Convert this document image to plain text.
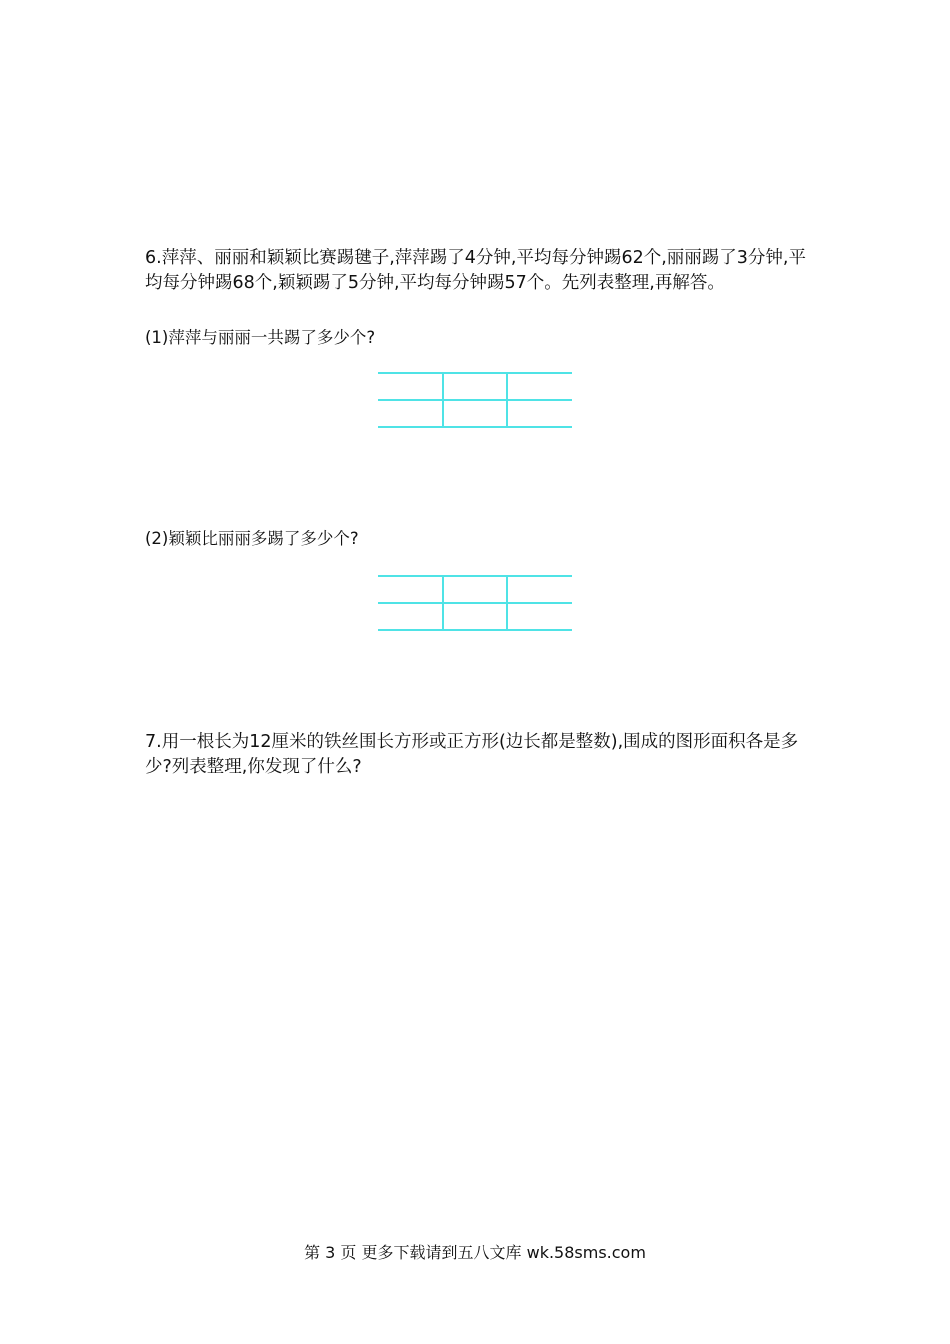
6.萍萍、丽丽和颖颖比赛踢毽子,萍萍踢了4分钟,平均每分钟踢62个,丽丽踢了3分钟,平均每分钟踢68个,颖颖踢了5分钟,平均每分钟踢57个。先列表整理,再解答。

(1)萍萍与丽丽一共踢了多少个?

(2)颖颖比丽丽多踢了多少个?

7.用一根长为12厘米的铁丝围长方形或正方形(边长都是整数),围成的图形面积各是多少?列表整理,你发现了什么?

第 3 页 更多下载请到五八文库 wk.58sms.com
